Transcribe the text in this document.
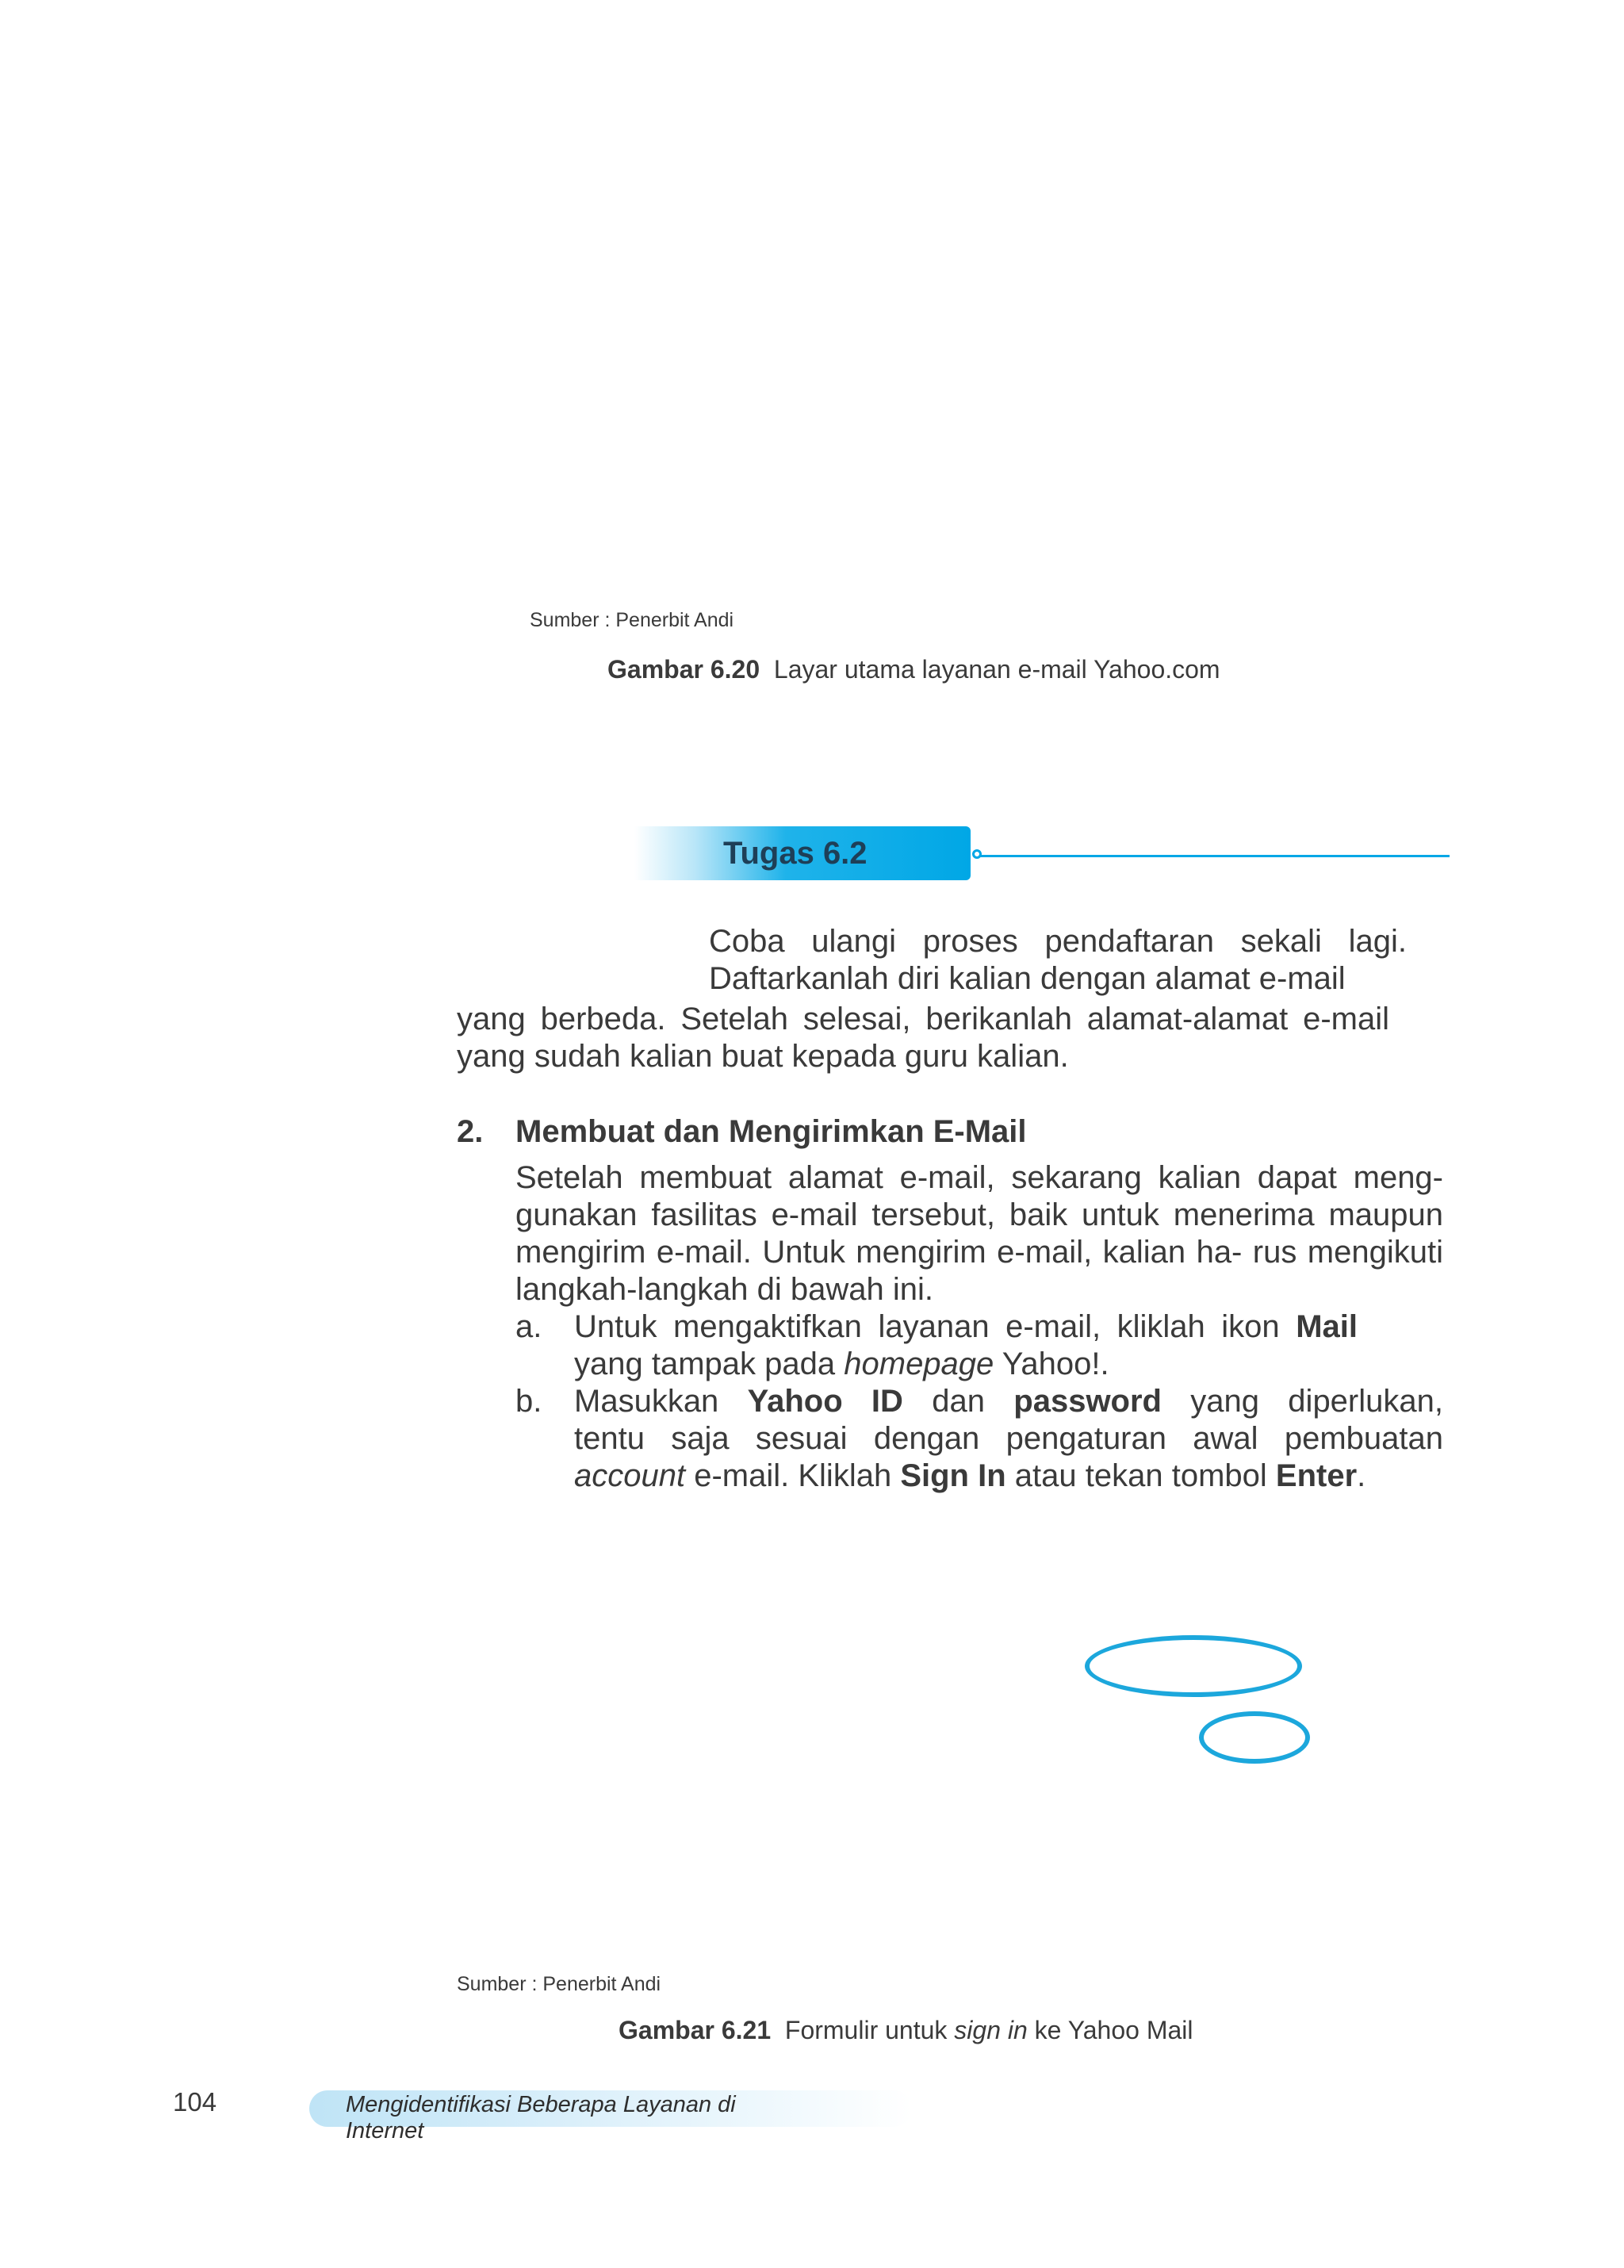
Sumber : Penerbit Andi
Gambar 6.20 Layar utama layanan e-mail Yahoo.com
Tugas 6.2
Coba ulangi proses pendaftaran sekali lagi.
Daftarkanlah diri kalian dengan alamat e-mail
yang berbeda. Setelah selesai, berikanlah alamat-alamat e-mail
yang sudah kalian buat kepada guru kalian.
2. Membuat dan Mengirimkan E-Mail
Setelah membuat alamat e-mail, sekarang kalian dapat meng-
gunakan fasilitas e-mail tersebut, baik untuk menerima maupun
mengirim e-mail. Untuk mengirim e-mail, kalian ha- rus mengikuti
langkah-langkah di bawah ini.
a. Untuk mengaktifkan layanan e-mail, kliklah ikon Mail
yang tampak pada homepage Yahoo!.
b. Masukkan Yahoo ID dan password yang diperlukan,
tentu saja sesuai dengan pengaturan awal pembuatan
account e-mail. Kliklah Sign In atau tekan tombol Enter.
Sumber : Penerbit Andi
Gambar 6.21 Formulir untuk sign in ke Yahoo Mail
104	Mengidentifikasi Beberapa Layanan di Internet
